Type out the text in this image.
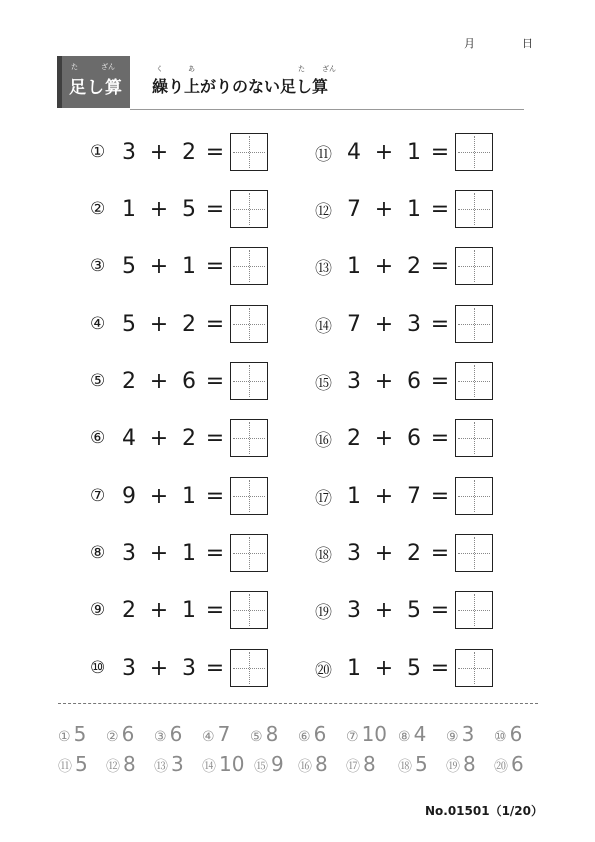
月	日
た	ざん
足し算
く	あ	た ざん
繰り上がりのない足し算
① 3 + 2 =
② 1 + 5 =
③ 5 + 1 =
④ 5 + 2 =
⑤ 2 + 6 =
⑥ 4 + 2 =
⑦ 9 + 1 =
⑧ 3 + 1 =
⑨ 2 + 1 =
⑩ 3 + 3 =
⑪ 4 + 1 =
⑫ 7 + 1 =
⑬ 1 + 2 =
⑭ 7 + 3 =
⑮ 3 + 6 =
⑯ 2 + 6 =
⑰ 1 + 7 =
⑱ 3 + 2 =
⑲ 3 + 5 =
⑳ 1 + 5 =
① 5 ② 6 ③ 6 ④ 7 ⑤ 8 ⑥ 6 ⑦ 10 ⑧ 4 ⑨ 3 ⑩ 6
⑪ 5 ⑫ 8 ⑬ 3 ⑭ 10 ⑮ 9 ⑯ 8 ⑰ 8 ⑱ 5 ⑲ 8 ⑳ 6
No.01501（1/20）
